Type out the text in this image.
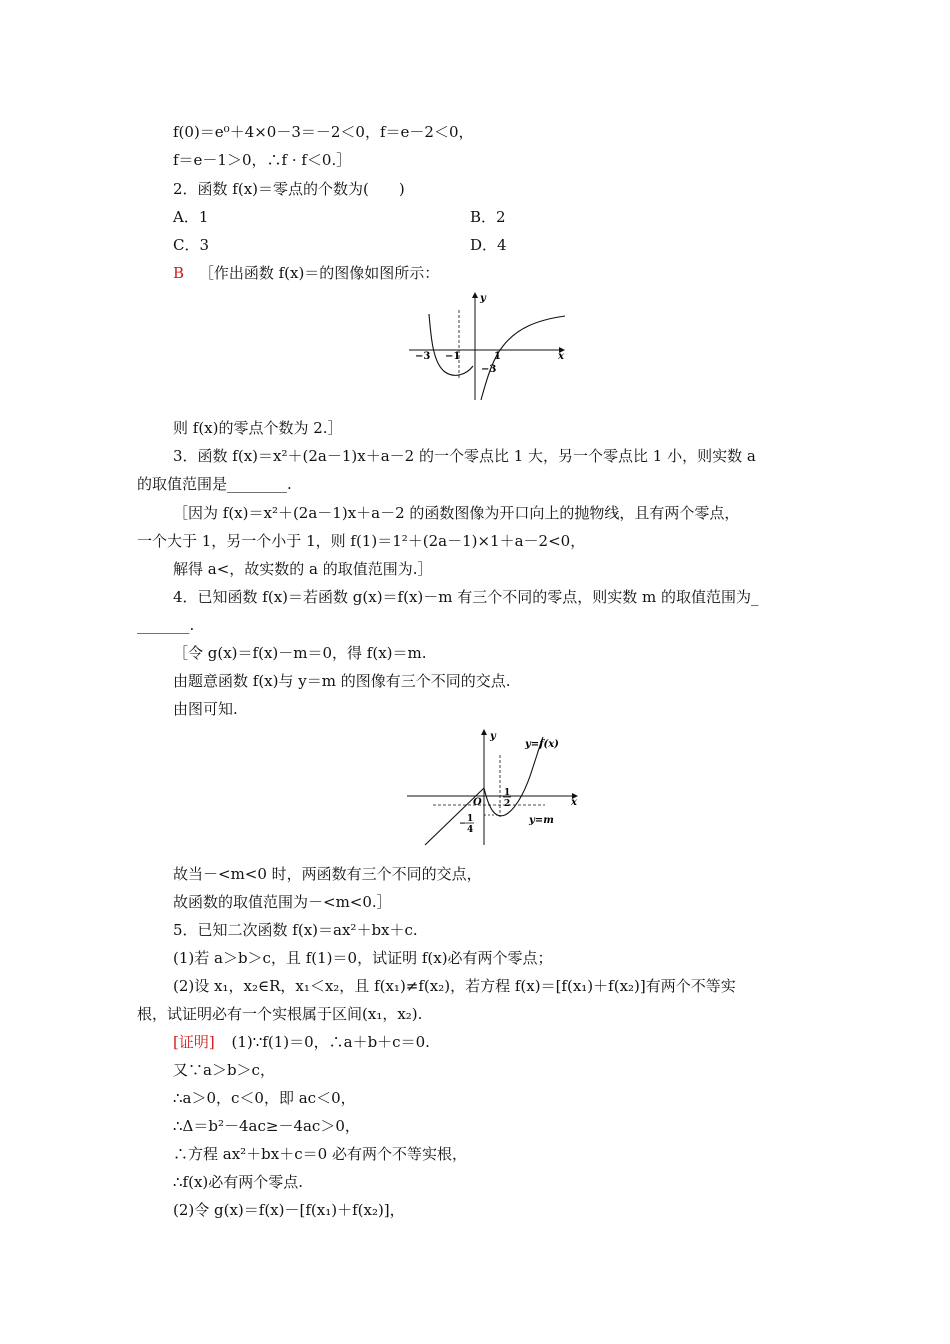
f(0)＝e⁰＋4×0－3＝－2＜0，f＝e－2＜0，
f＝e－1＞0，∴f · f＜0.］
2．函数 f(x)＝零点的个数为(　　)
A．1	B．2
C．3	D．4
B ［作出函数 f(x)＝的图像如图所示：
y
x
−3 −1	1
−3
则 f(x)的零点个数为 2.］
3．函数 f(x)＝x²＋(2a－1)x＋a－2 的一个零点比 1 大，另一个零点比 1 小，则实数 a
的取值范围是________.
［因为 f(x)＝x²＋(2a－1)x＋a－2 的函数图像为开口向上的抛物线，且有两个零点，
一个大于 1，另一个小于 1，则 f(1)＝1²＋(2a－1)×1＋a－2<0，
解得 a<，故实数的 a 的取值范围为.］
4．已知函数 f(x)＝若函数 g(x)＝f(x)－m 有三个不同的零点，则实数 m 的取值范围为_
_______.
［令 g(x)＝f(x)－m＝0，得 f(x)＝m.
由题意函数 f(x)与 y＝m 的图像有三个不同的交点.
由图可知.
y
x
O
1
2
− 1
4
y=f(x)
y=m
故当－<m<0 时，两函数有三个不同的交点，
故函数的取值范围为－<m<0.］
5．已知二次函数 f(x)＝ax²＋bx＋c.
(1)若 a＞b＞c，且 f(1)＝0，试证明 f(x)必有两个零点；
(2)设 x₁，x₂∈R，x₁＜x₂，且 f(x₁)≠f(x₂)，若方程 f(x)＝[f(x₁)＋f(x₂)]有两个不等实
根，试证明必有一个实根属于区间(x₁，x₂).
[证明] (1)∵f(1)＝0，∴a＋b＋c＝0.
又∵a＞b＞c，
∴a＞0，c＜0，即 ac＜0，
∴Δ＝b²－4ac≥－4ac＞0，
∴方程 ax²＋bx＋c＝0 必有两个不等实根，
∴f(x)必有两个零点.
(2)令 g(x)＝f(x)－[f(x₁)＋f(x₂)]，
